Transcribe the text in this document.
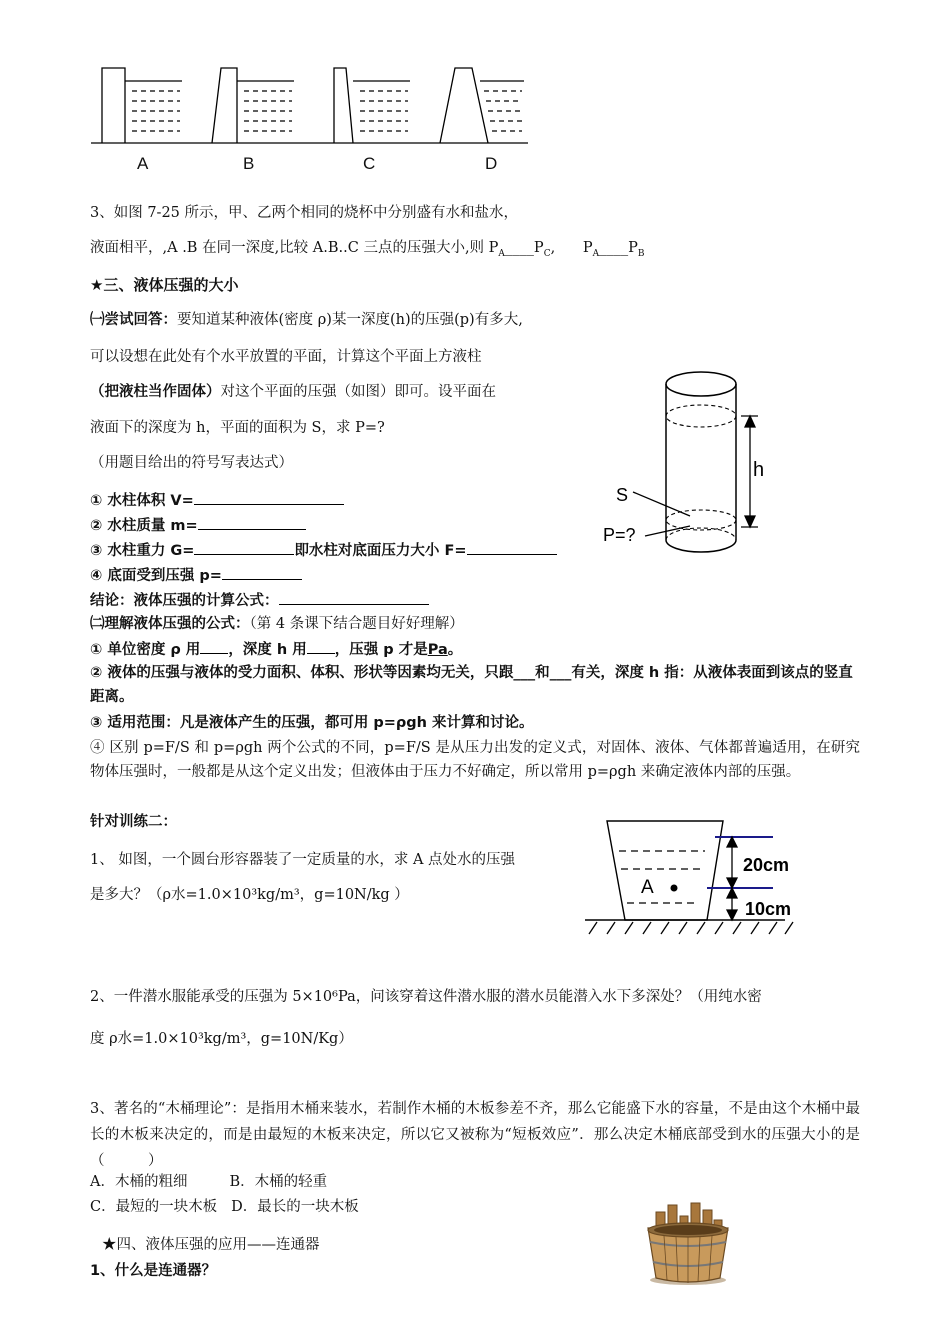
A	B	C	D
3、如图 7-25 所示，甲、乙两个相同的烧杯中分别盛有水和盐水，
液面相平，,A .B 在同一深度,比较 A.B..C 三点的压强大小,则 $P_A\_\_\_\_P_C$,      $P_A\_\_\_\_P_B$
★三、液体压强的大小
㈠尝试回答：要知道某种液体(密度 ρ)某一深度(h)的压强(p)有多大,
可以设想在此处有个水平放置的平面，计算这个平面上方液柱
（把液柱当作固体）对这个平面的压强（如图）即可。设平面在
液面下的深度为 h，平面的面积为 S，求 P=?
（用题目给出的符号写表达式）
① 水柱体积 V=
② 水柱质量 m=
③ 水柱重力 G=	即水柱对底面压力大小 F=
④ 底面受到压强 p=
结论：液体压强的计算公式：
㈡理解液体压强的公式：（第 4 条课下结合题目好好理解）
① 单位密度 ρ 用 ，深度 h 用 ，压强 p 才是Pa。
② 液体的压强与液体的受力面积、体积、形状等因素均无关，只跟___和___有关，深度 h 指：从液体表面到该点的竖直距离。
③ 适用范围：凡是液体产生的压强，都可用 p=ρgh 来计算和讨论。
④ 区别 p=F/S 和 p=ρgh 两个公式的不同，p=F/S 是从压力出发的定义式，对固体、液体、气体都普遍适用，在研究物体压强时，一般都是从这个定义出发；但液体由于压力不好确定，所以常用 p=ρgh 来确定液体内部的压强。
h
S
P=?
针对训练二：
1、 如图，一个圆台形容器装了一定质量的水，求 A 点处水的压强
是多大？（ρ水=1.0×10³kg/m³，g=10N/kg ）	A
20cm
10cm
2、一件潜水服能承受的压强为 5×10⁶Pa，问该穿着这件潜水服的潜水员能潜入水下多深处？（用纯水密
度 ρ水=1.0×10³kg/m³，g=10N/Kg）
3、著名的“木桶理论”：是指用木桶来装水，若制作木桶的木板参差不齐，那么它能盛下水的容量，不是由这个木桶中最长的木板来决定的，而是由最短的木板来决定，所以它又被称为“短板效应”．那么决定木桶底部受到水的压强大小的是（　　　）
A．木桶的粗细	B．木桶的轻重
C．最短的一块木板 D．最长的一块木板
★四、液体压强的应用——连通器
1、什么是连通器？
